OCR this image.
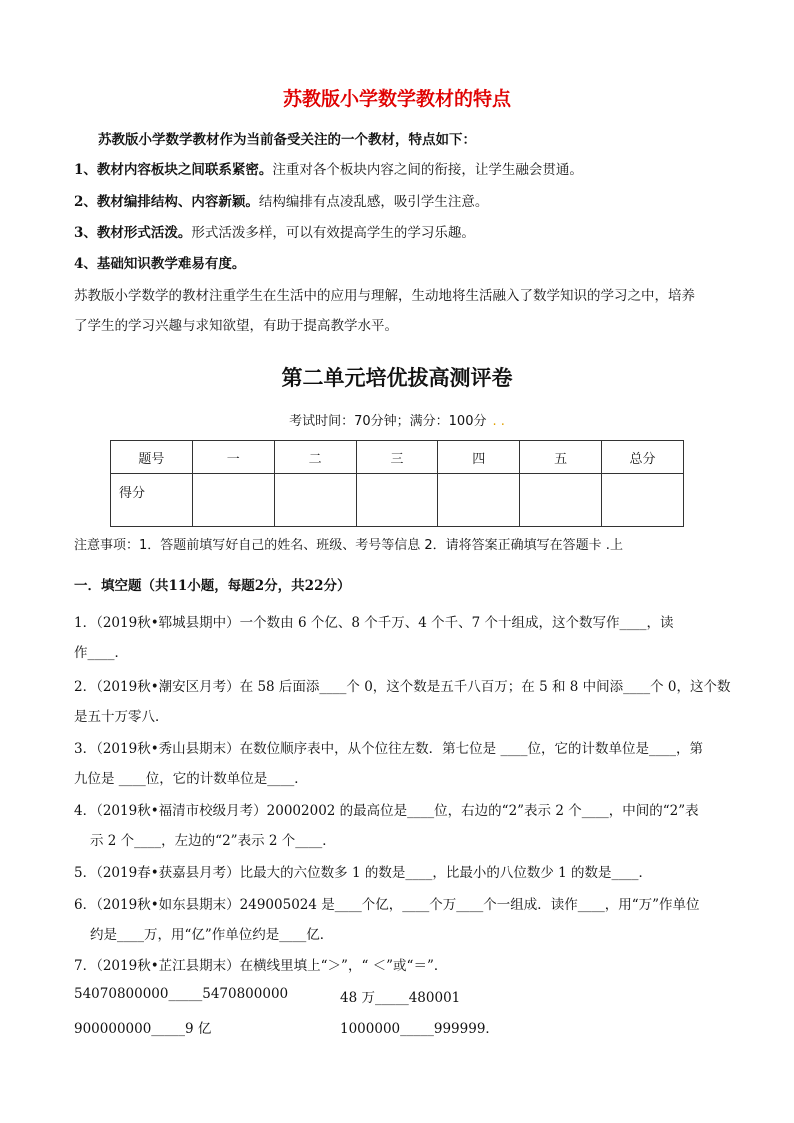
苏教版小学数学教材的特点
苏教版小学数学教材作为当前备受关注的一个教材，特点如下：
1、教材内容板块之间联系紧密。注重对各个板块内容之间的衔接，让学生融会贯通。
2、教材编排结构、内容新颖。结构编排有点凌乱感，吸引学生注意。
3、教材形式活泼。形式活泼多样，可以有效提高学生的学习乐趣。
4、基础知识教学难易有度。
苏教版小学数学的教材注重学生在生活中的应用与理解，生动地将生活融入了数学知识的学习之中，培养
了学生的学习兴趣与求知欲望，有助于提高教学水平。
第二单元培优拔高测评卷
考试时间：70分钟；满分：100分 . .
题号	一	二	三	四	五	总分
得分						
注意事项：1．答题前填写好自己的姓名、班级、考号等信息 2．请将答案正确填写在答题卡 .上
一．填空题（共11小题，每题2分，共22分）
1．（2019秋•郓城县期中）一个数由 6 个亿、8 个千万、4 个千、7 个十组成，这个数写作____，读
作____．
2．（2019秋•潮安区月考）在 58 后面添____个 0，这个数是五千八百万；在 5 和 8 中间添____个 0，这个数
是五十万零八．
3．（2019秋•秀山县期末）在数位顺序表中，从个位往左数．第七位是 ____位，它的计数单位是____，第
九位是 ____位，它的计数单位是____．
4．（2019秋•福清市校级月考）20002002 的最高位是____位，右边的“2”表示 2 个____，中间的“2”表
示 2 个____，左边的“2”表示 2 个____．
5．（2019春•获嘉县月考）比最大的六位数多 1 的数是____，比最小的八位数少 1 的数是____．
6．（2019秋•如东县期末）249005024 是____个亿，____个万____个一组成．读作____，用“万”作单位
约是____万，用“亿”作单位约是____亿．
7．（2019秋•芷江县期末）在横线里填上“＞”，“ ＜”或“＝”．
54070800000_____5470800000	48 万_____480001
900000000_____9 亿	1000000_____999999．
